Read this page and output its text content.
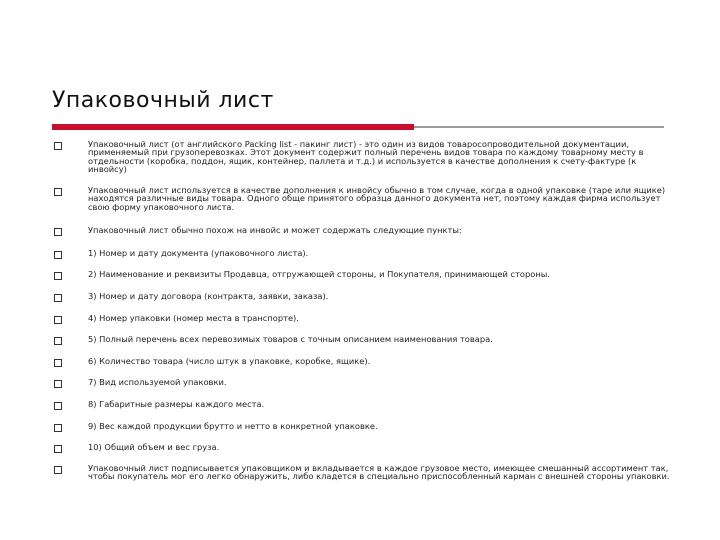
Упаковочный лист
Упаковочный лист (от английского Packing list - пакинг лист) - это один из видов товаросопроводительной документации, применяемый при грузоперевозках. Этот документ содержит полный перечень видов товара по каждому товарному месту в отдельности (коробка, поддон, ящик, контейнер, паллета и т.д.) и используется в качестве дополнения к счету-фактуре (к инвойсу)
Упаковочный лист используется в качестве дополнения к инвойсу обычно в том случае, когда в одной упаковке (таре или ящике) находятся различные виды товара. Одного обще принятого образца данного документа нет, поэтому каждая фирма использует свою форму упаковочного листа.
Упаковочный лист обычно похож на инвойс и может содержать следующие пункты:
1) Номер и дату документа (упаковочного листа).
2) Наименование и реквизиты Продавца, отгружающей стороны, и Покупателя, принимающей стороны.
3) Номер и дату договора (контракта, заявки, заказа).
4) Номер упаковки (номер места в транспорте).
5) Полный перечень всех перевозимых товаров с точным описанием наименования товара.
6) Количество товара (число штук в упаковке, коробке, ящике).
7) Вид используемой упаковки.
8) Габаритные размеры каждого места.
9) Вес каждой продукции брутто и нетто в конкретной упаковке.
10) Общий объем и вес груза.
Упаковочный лист подписывается упаковщиком и вкладывается в каждое грузовое место, имеющее смешанный ассортимент так, чтобы покупатель мог его легко обнаружить, либо кладется в специально приспособленный карман с внешней стороны упаковки.
